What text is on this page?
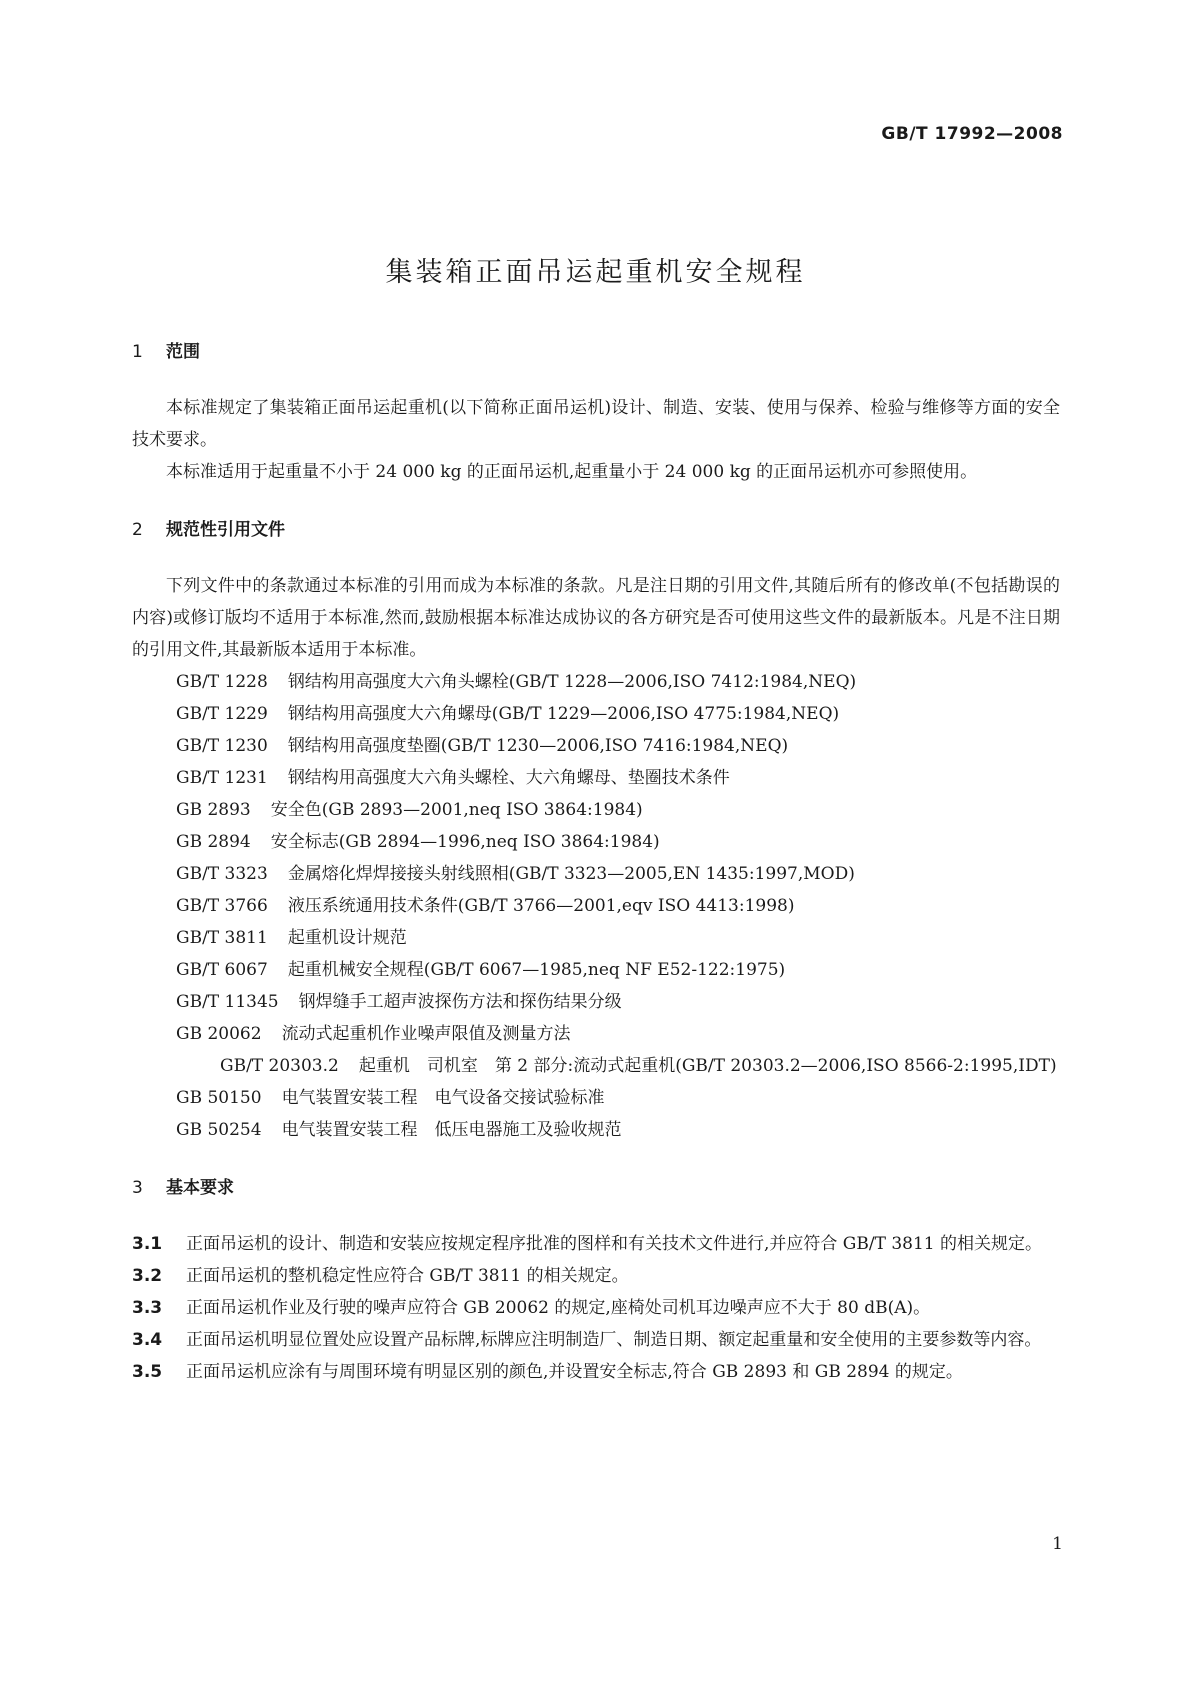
GB/T 17992—2008
集装箱正面吊运起重机安全规程
1 范围
本标准规定了集装箱正面吊运起重机(以下简称正面吊运机)设计、制造、安装、使用与保养、检验与维修等方面的安全技术要求。
本标准适用于起重量不小于 24 000 kg 的正面吊运机,起重量小于 24 000 kg 的正面吊运机亦可参照使用。
2 规范性引用文件
下列文件中的条款通过本标准的引用而成为本标准的条款。凡是注日期的引用文件,其随后所有的修改单(不包括勘误的内容)或修订版均不适用于本标准,然而,鼓励根据本标准达成协议的各方研究是否可使用这些文件的最新版本。凡是不注日期的引用文件,其最新版本适用于本标准。
GB/T 1228 钢结构用高强度大六角头螺栓(GB/T 1228—2006,ISO 7412:1984,NEQ)
GB/T 1229 钢结构用高强度大六角螺母(GB/T 1229—2006,ISO 4775:1984,NEQ)
GB/T 1230 钢结构用高强度垫圈(GB/T 1230—2006,ISO 7416:1984,NEQ)
GB/T 1231 钢结构用高强度大六角头螺栓、大六角螺母、垫圈技术条件
GB 2893 安全色(GB 2893—2001,neq ISO 3864:1984)
GB 2894 安全标志(GB 2894—1996,neq ISO 3864:1984)
GB/T 3323 金属熔化焊焊接接头射线照相(GB/T 3323—2005,EN 1435:1997,MOD)
GB/T 3766 液压系统通用技术条件(GB/T 3766—2001,eqv ISO 4413:1998)
GB/T 3811 起重机设计规范
GB/T 6067 起重机械安全规程(GB/T 6067—1985,neq NF E52-122:1975)
GB/T 11345 钢焊缝手工超声波探伤方法和探伤结果分级
GB 20062 流动式起重机作业噪声限值及测量方法
GB/T 20303.2 起重机　司机室　第 2 部分:流动式起重机(GB/T 20303.2—2006,ISO 8566-2:1995,IDT)
GB 50150 电气装置安装工程　电气设备交接试验标准
GB 50254 电气装置安装工程　低压电器施工及验收规范
3 基本要求
3.1 正面吊运机的设计、制造和安装应按规定程序批准的图样和有关技术文件进行,并应符合 GB/T 3811 的相关规定。
3.2 正面吊运机的整机稳定性应符合 GB/T 3811 的相关规定。
3.3 正面吊运机作业及行驶的噪声应符合 GB 20062 的规定,座椅处司机耳边噪声应不大于 80 dB(A)。
3.4 正面吊运机明显位置处应设置产品标牌,标牌应注明制造厂、制造日期、额定起重量和安全使用的主要参数等内容。
3.5 正面吊运机应涂有与周围环境有明显区别的颜色,并设置安全标志,符合 GB 2893 和 GB 2894 的规定。
1
